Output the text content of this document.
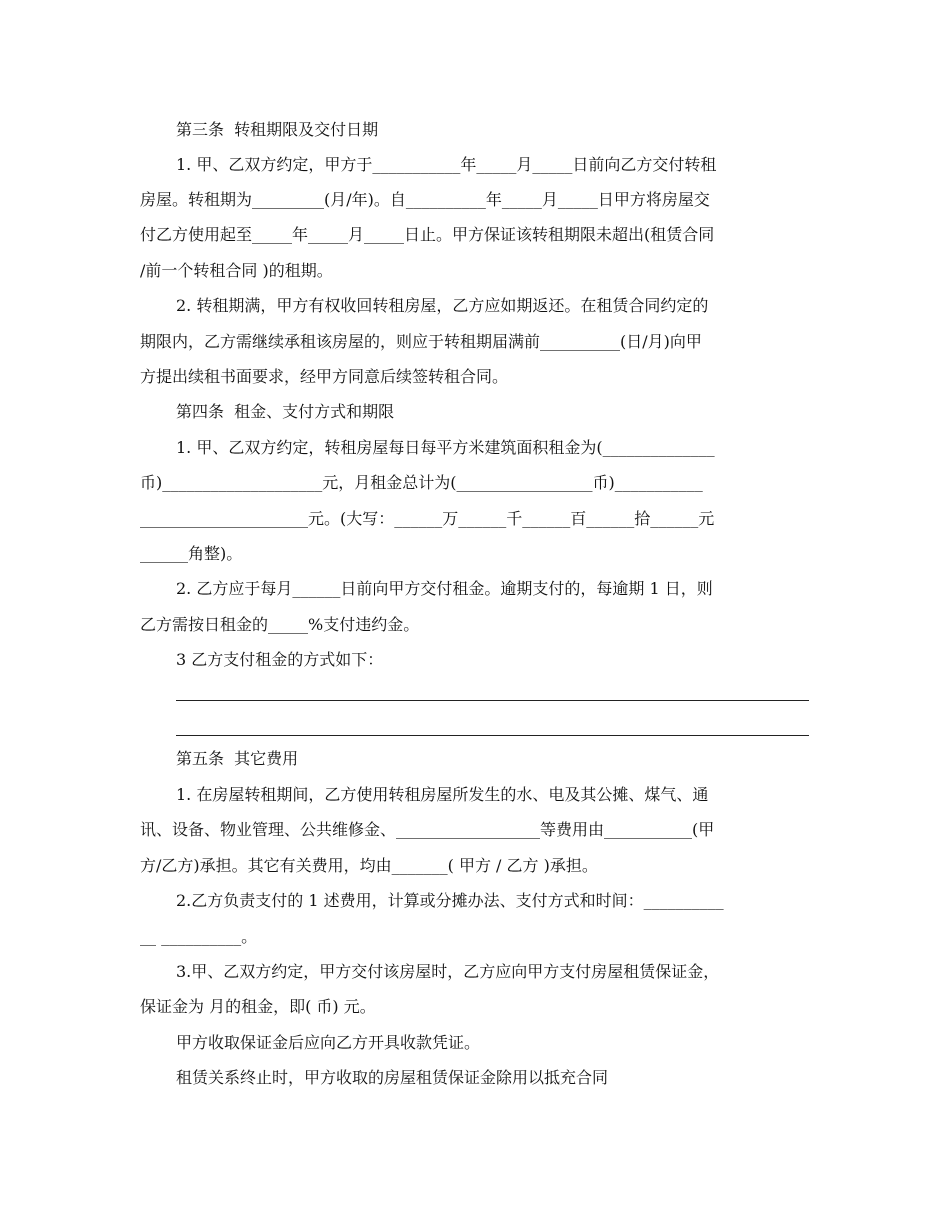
第三条  转租期限及交付日期
1. 甲、乙双方约定，甲方于___________年_____月_____日前向乙方交付转租
房屋。转租期为_________(月/年)。自__________年_____月_____日甲方将房屋交
付乙方使用起至_____年_____月_____日止。甲方保证该转租期限未超出(租赁合同
/前一个转租合同 )的租期。
2. 转租期满，甲方有权收回转租房屋，乙方应如期返还。在租赁合同约定的
期限内，乙方需继续承租该房屋的，则应于转租期届满前__________(日/月)向甲
方提出续租书面要求，经甲方同意后续签转租合同。
第四条  租金、支付方式和期限
1. 甲、乙双方约定，转租房屋每日每平方米建筑面积租金为(______________
币)____________________元，月租金总计为(_________________币)___________
_____________________元。(大写：______万______千______百______拾______元
______角整)。
2. 乙方应于每月______日前向甲方交付租金。逾期支付的，每逾期 1 日，则
乙方需按日租金的_____%支付违约金。
3 乙方支付租金的方式如下：
第五条  其它费用
1. 在房屋转租期间，乙方使用转租房屋所发生的水、电及其公摊、煤气、通
讯、设备、物业管理、公共维修金、__________________等费用由___________(甲
方/乙方)承担。其它有关费用，均由_______( 甲方 / 乙方 )承担。
2.乙方负责支付的 1 述费用，计算或分摊办法、支付方式和时间：__________
__ __________。
3.甲、乙双方约定，甲方交付该房屋时，乙方应向甲方支付房屋租赁保证金，
保证金为 月的租金，即( 币) 元。
甲方收取保证金后应向乙方开具收款凭证。
租赁关系终止时，甲方收取的房屋租赁保证金除用以抵充合同
